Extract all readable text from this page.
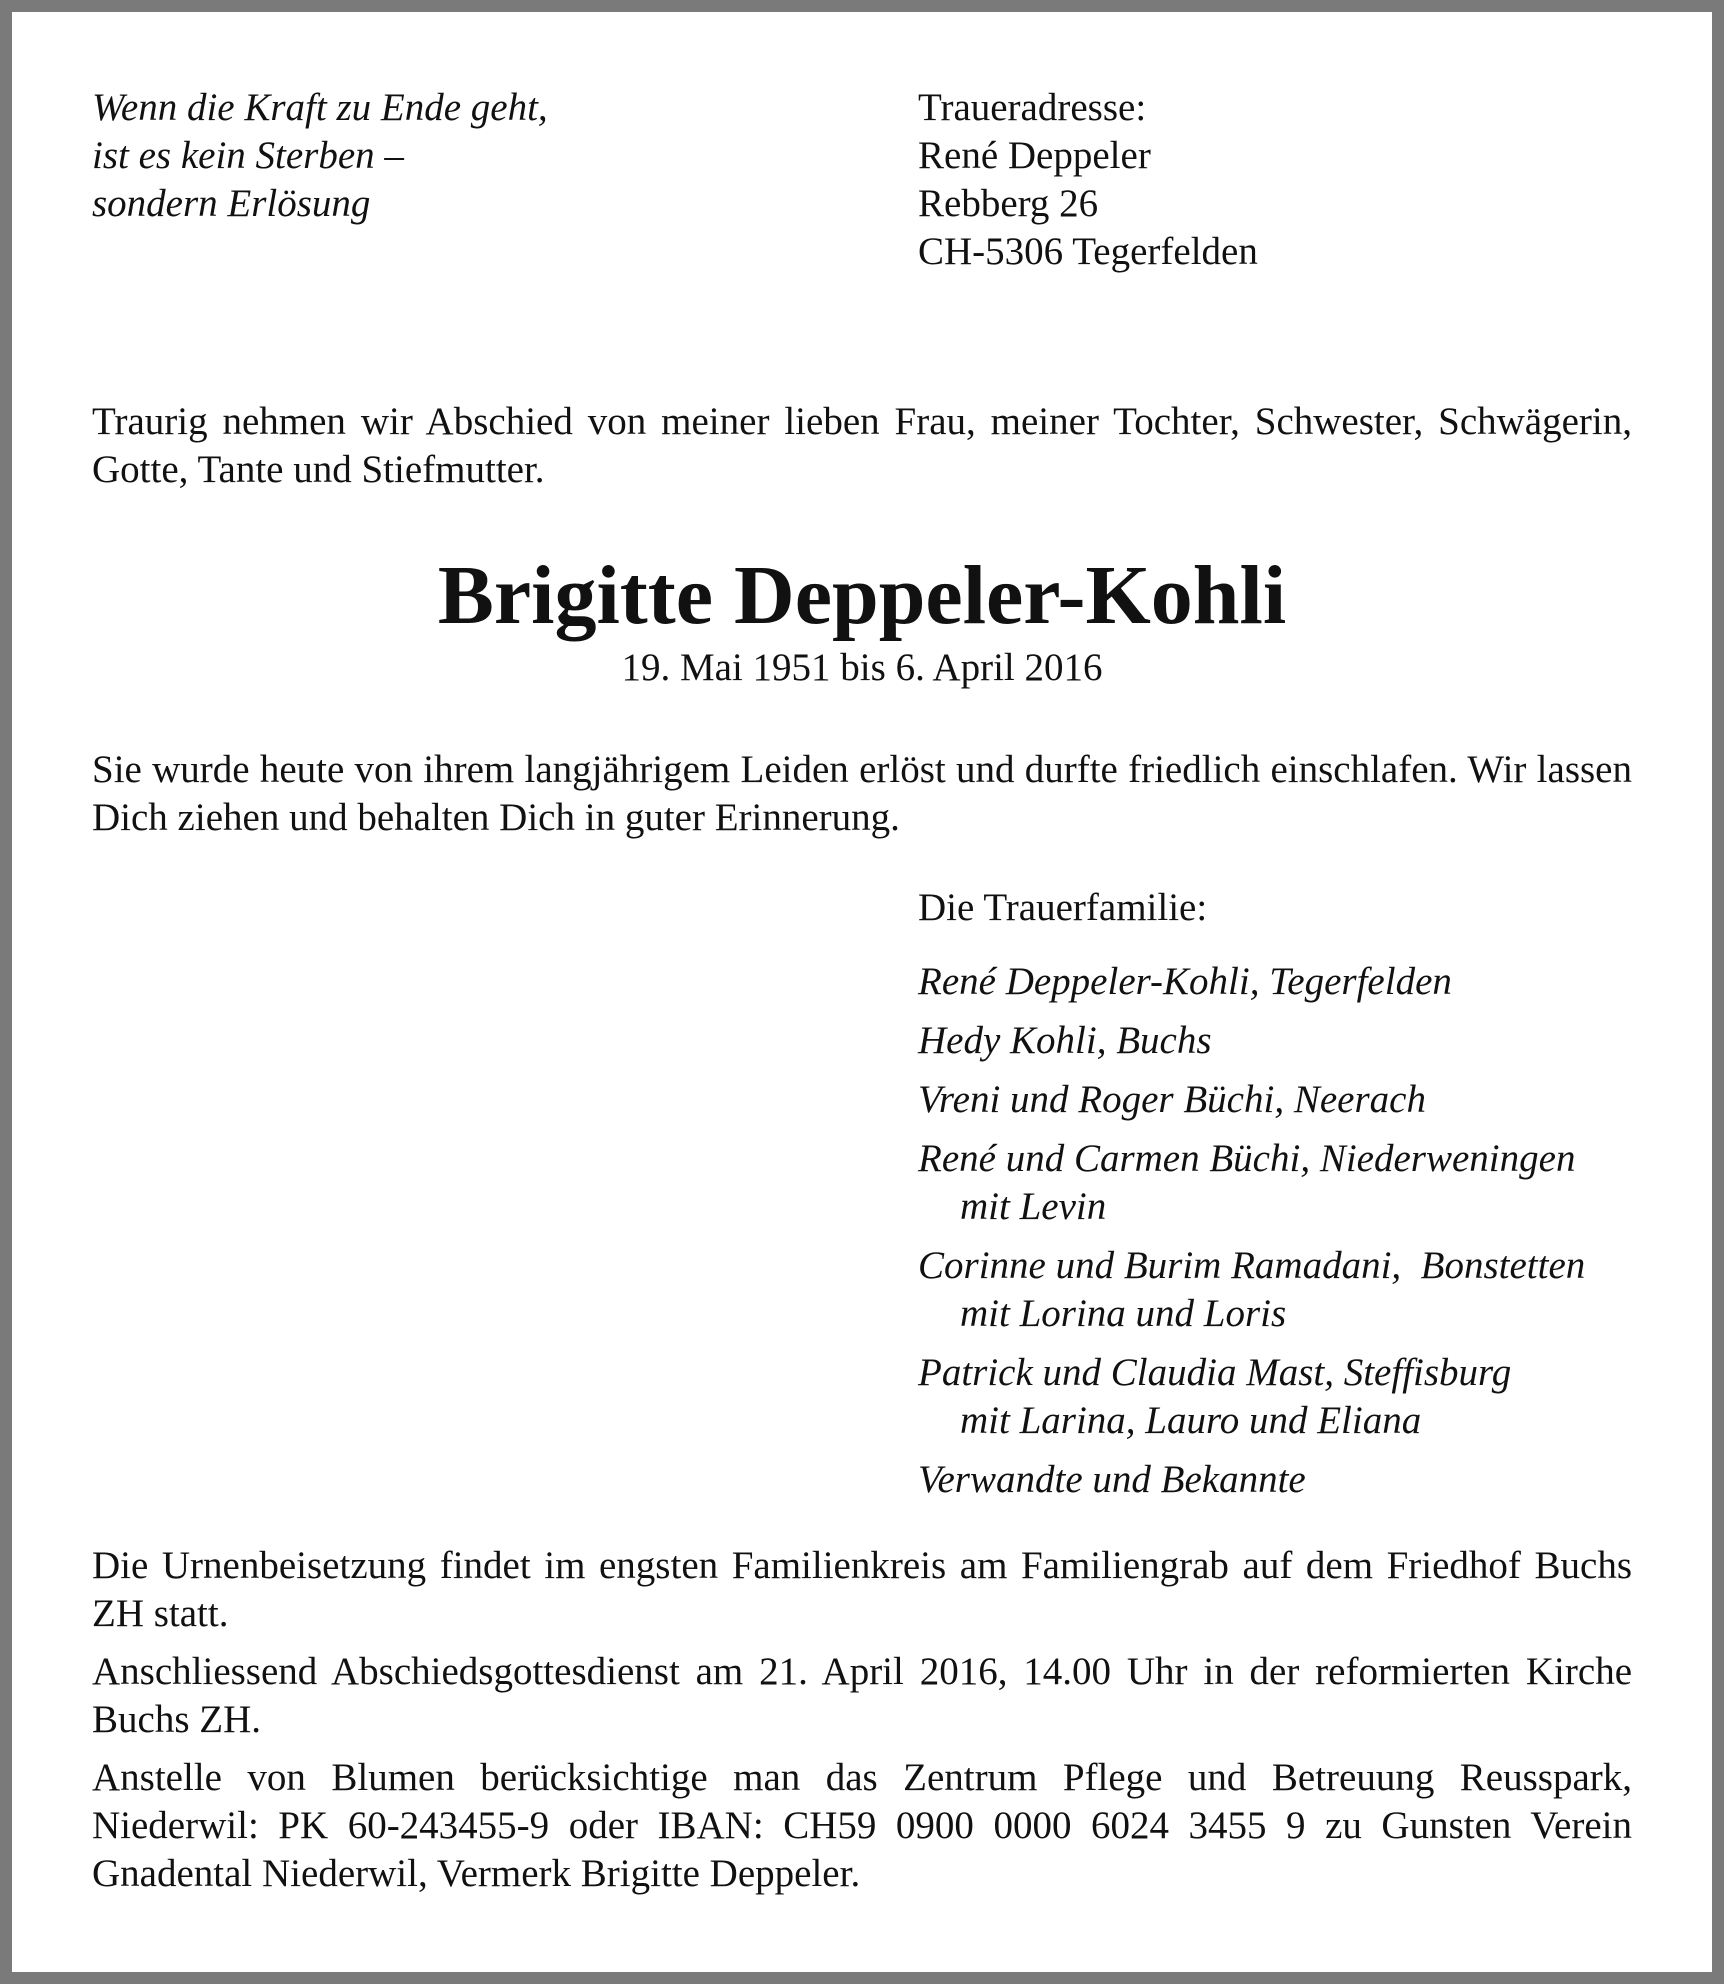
Wenn die Kraft zu Ende geht,
ist es kein Sterben –
sondern Erlösung
Traueradresse:
René Deppeler
Rebberg 26
CH-5306 Tegerfelden
Traurig nehmen wir Abschied von meiner lieben Frau, meiner Tochter, Schwester, Schwägerin, Gotte, Tante und Stiefmutter.
Brigitte Deppeler-Kohli
19. Mai 1951 bis 6. April 2016
Sie wurde heute von ihrem langjährigem Leiden erlöst und durfte friedlich einschlafen. Wir lassen Dich ziehen und behalten Dich in guter Erinnerung.
Die Trauerfamilie:
René Deppeler-Kohli, Tegerfelden
Hedy Kohli, Buchs
Vreni und Roger Büchi, Neerach
René und Carmen Büchi, Niederweningen
mit Levin
Corinne und Burim Ramadani,  Bonstetten
mit Lorina und Loris
Patrick und Claudia Mast, Steffisburg
mit Larina, Lauro und Eliana
Verwandte und Bekannte

Die Urnenbeisetzung findet im engsten Familienkreis am Familiengrab auf dem Friedhof Buchs ZH statt.

Anschliessend Abschiedsgottesdienst am 21. April 2016, 14.00 Uhr in der reformierten Kirche Buchs ZH.

Anstelle von Blumen berücksichtige man das Zentrum Pflege und Betreuung Reusspark, Niederwil: PK 60-243455-9 oder IBAN: CH59 0900 0000 6024 3455 9 zu Gunsten Verein Gnadental Niederwil, Vermerk Brigitte Deppeler.
